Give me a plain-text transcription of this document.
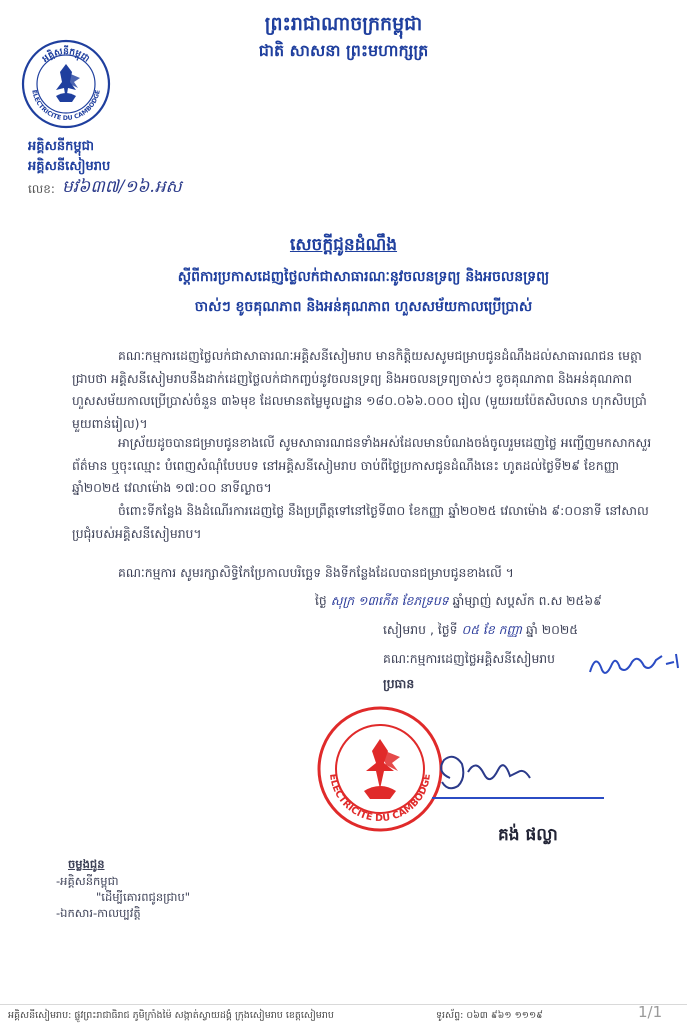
ព្រះរាជាណាចក្រកម្ពុជា
ជាតិ សាសនា ព្រះមហាក្សត្រ
អគ្គិសនីកម្ពុជា
ELECTRICITE DU CAMBODGE
អគ្គិសនីកម្ពុជា
អគ្គិសនីសៀមរាប
លេខ: មវ៦៣៧/១៦.អស
សេចក្ដីជូនដំណឹង
ស្ដីពីការប្រកាសដេញថ្លៃលក់ជាសាធារណៈនូវចលនទ្រព្យ និងអចលនទ្រព្យ
ចាស់ៗ ខូចគុណភាព និងអន់គុណភាព ហួសសម័យកាលប្រើប្រាស់

គណៈកម្មការដេញថ្លៃលក់ជាសាធារណៈអគ្គិសនីសៀមរាប មានកិត្តិយសសូមជម្រាបជូនដំណឹងដល់សាធារណជន មេត្តាជ្រាបថា អគ្គិសនីសៀមរាបនឹងដាក់ដេញថ្លៃលក់ជាកញ្ចប់នូវចលនទ្រព្យ និងអចលនទ្រព្យចាស់ៗ ខូចគុណភាព និងអន់គុណភាព ហួសសម័យកាលប្រើប្រាស់ចំនួន ៣៦មុខ ដែលមានតម្លៃមូលដ្ឋាន ១៨០.០៦៦.០០០ រៀល (មួយរយប៉ែតសិបលាន ហុកសិបប្រាំមួយពាន់រៀល)។

អាស្រ័យដូចបានជម្រាបជូនខាងលើ សូមសាធារណជនទាំងអស់ដែលមានបំណងចង់ចូលរួមដេញថ្លៃ អញ្ជើញមកសាកសួរព័ត៌មាន ឬចុះឈ្មោះ បំពេញសំណុំបែបបទ នៅអគ្គិសនីសៀមរាប ចាប់ពីថ្ងៃប្រកាសជូនដំណឹងនេះ ហូតដល់ថ្ងៃទី២៩ ខែកញ្ញា ឆ្នាំ២០២៥ វេលាម៉ោង ១៧:០០ នាទីល្ងាច។

ចំពោះទីកន្លែង និងដំណើរការដេញថ្លៃ នឹងប្រព្រឹត្តទៅនៅថ្ងៃទី៣០ ខែកញ្ញា ឆ្នាំ២០២៥ វេលាម៉ោង ៩:០០នាទី នៅសាលប្រជុំរបស់អគ្គិសនីសៀមរាប។

គណៈកម្មការ សូមរក្សាសិទ្ធិកែប្រែកាលបរិច្ឆេទ និងទីកន្លែងដែលបានជម្រាបជូនខាងលើ ។

ថ្ងៃ សុក្រ ១៣កើត ខែភទ្របទ ឆ្នាំម្សាញ់ សប្តស័ក ព.ស ២៥៦៩
សៀមរាប , ថ្ងៃទី ០៥ ខែ កញ្ញា ឆ្នាំ ២០២៥
គណៈកម្មការដេញថ្លៃអគ្គិសនីសៀមរាប
ប្រធាន
ELECTRICITE DU CAMBODGE
គង់ ផល្លា
ចម្លងជូន
-អគ្គិសនីកម្ពុជា
"ដើម្បីគោរពជូនជ្រាប"
-ឯកសារ-កាលប្បវត្តិ
អគ្គិសនីសៀមរាប: ផ្លូវព្រះរាជាធិរាជ ភូមិក្រាំងម៉ៃ សង្កាត់ស្វាយដង្គំ ក្រុងសៀមរាប ខេត្តសៀមរាប	ទូរស័ព្ទ: ០៦៣ ៩៦១ ១១១៩	1/1
